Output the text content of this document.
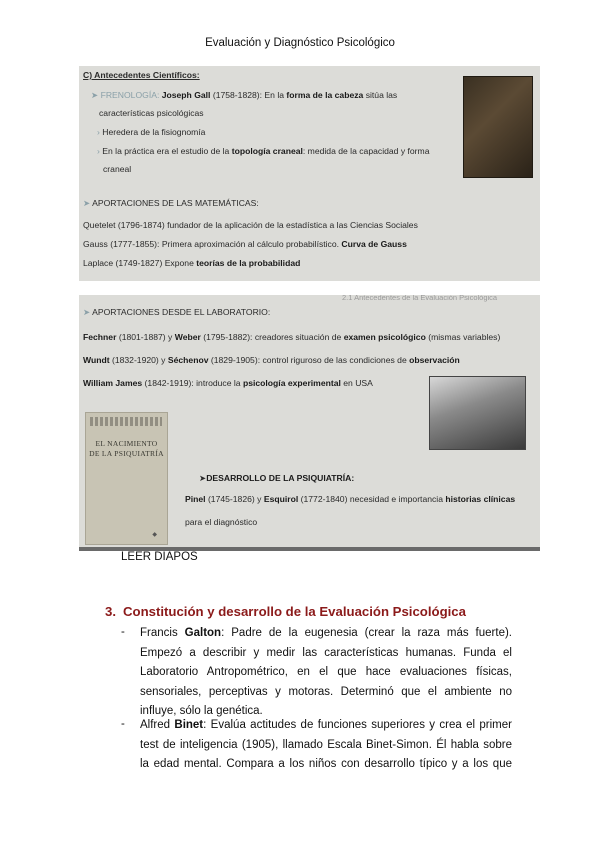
Evaluación y Diagnóstico Psicológico
C) Antecedentes Científicos:
➤ FRENOLOGÍA: Joseph Gall (1758-1828): En la forma de la cabeza sitúa las
características psicológicas
› Heredera de la fisiognomía
› En la práctica era el estudio de la topología craneal: medida de la capacidad y forma
craneal
➤ APORTACIONES DE LAS MATEMÁTICAS:
Quetelet (1796-1874) fundador de la aplicación de la estadística a las Ciencias Sociales
Gauss (1777-1855): Primera aproximación al cálculo probabilístico. Curva de Gauss
Laplace (1749-1827) Expone teorías de la probabilidad
2.1 Antecedentes de la Evaluación Psicológica
➤ APORTACIONES DESDE EL LABORATORIO:
Fechner (1801-1887) y Weber (1795-1882): creadores situación de examen psicológico (mismas variables)
Wundt (1832-1920) y Séchenov (1829-1905): control riguroso de las condiciones de observación
William James (1842-1919): introduce la psicología experimental en USA
EL NACIMIENTO
DE LA PSIQUIATRÍA
◆
➤DESARROLLO DE LA PSIQUIATRÍA:
Pinel (1745-1826) y Esquirol (1772-1840) necesidad e importancia historias clínicas
para el diagnóstico
LEER DIAPOS
3. Constitución y desarrollo de la Evaluación Psicológica
- Francis Galton: Padre de la eugenesia (crear la raza más fuerte).
Empezó a describir y medir las características humanas. Funda el
Laboratorio Antropométrico, en el que hace evaluaciones físicas,
sensoriales, perceptivas y motoras. Determinó que el ambiente no
influye, sólo la genética.
- Alfred Binet: Evalúa actitudes de funciones superiores y crea el primer
test de inteligencia (1905), llamado Escala Binet-Simon. Él habla sobre
la edad mental. Compara a los niños con desarrollo típico y a los que
